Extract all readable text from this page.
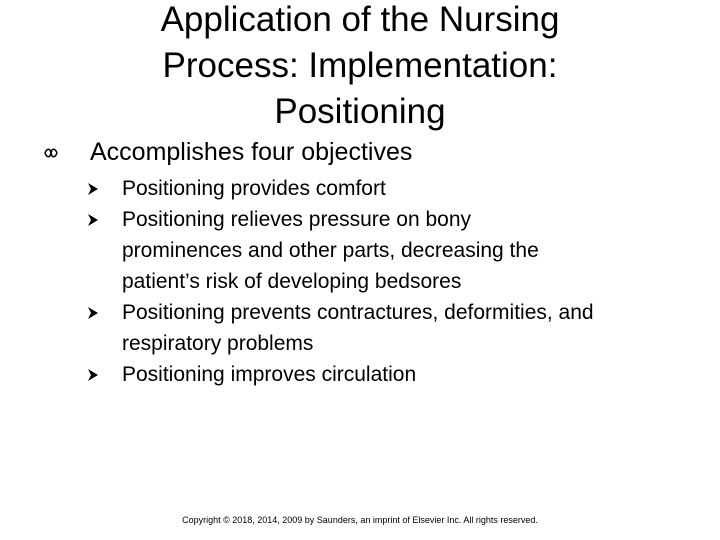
Application of the Nursing
Process: Implementation:
Positioning
Accomplishes four objectives
Positioning provides comfort
Positioning relieves pressure on bony
prominences and other parts, decreasing the
patient’s risk of developing bedsores
Positioning prevents contractures, deformities, and
respiratory problems
Positioning improves circulation
Copyright © 2018, 2014, 2009 by Saunders, an imprint of Elsevier Inc. All rights reserved.
